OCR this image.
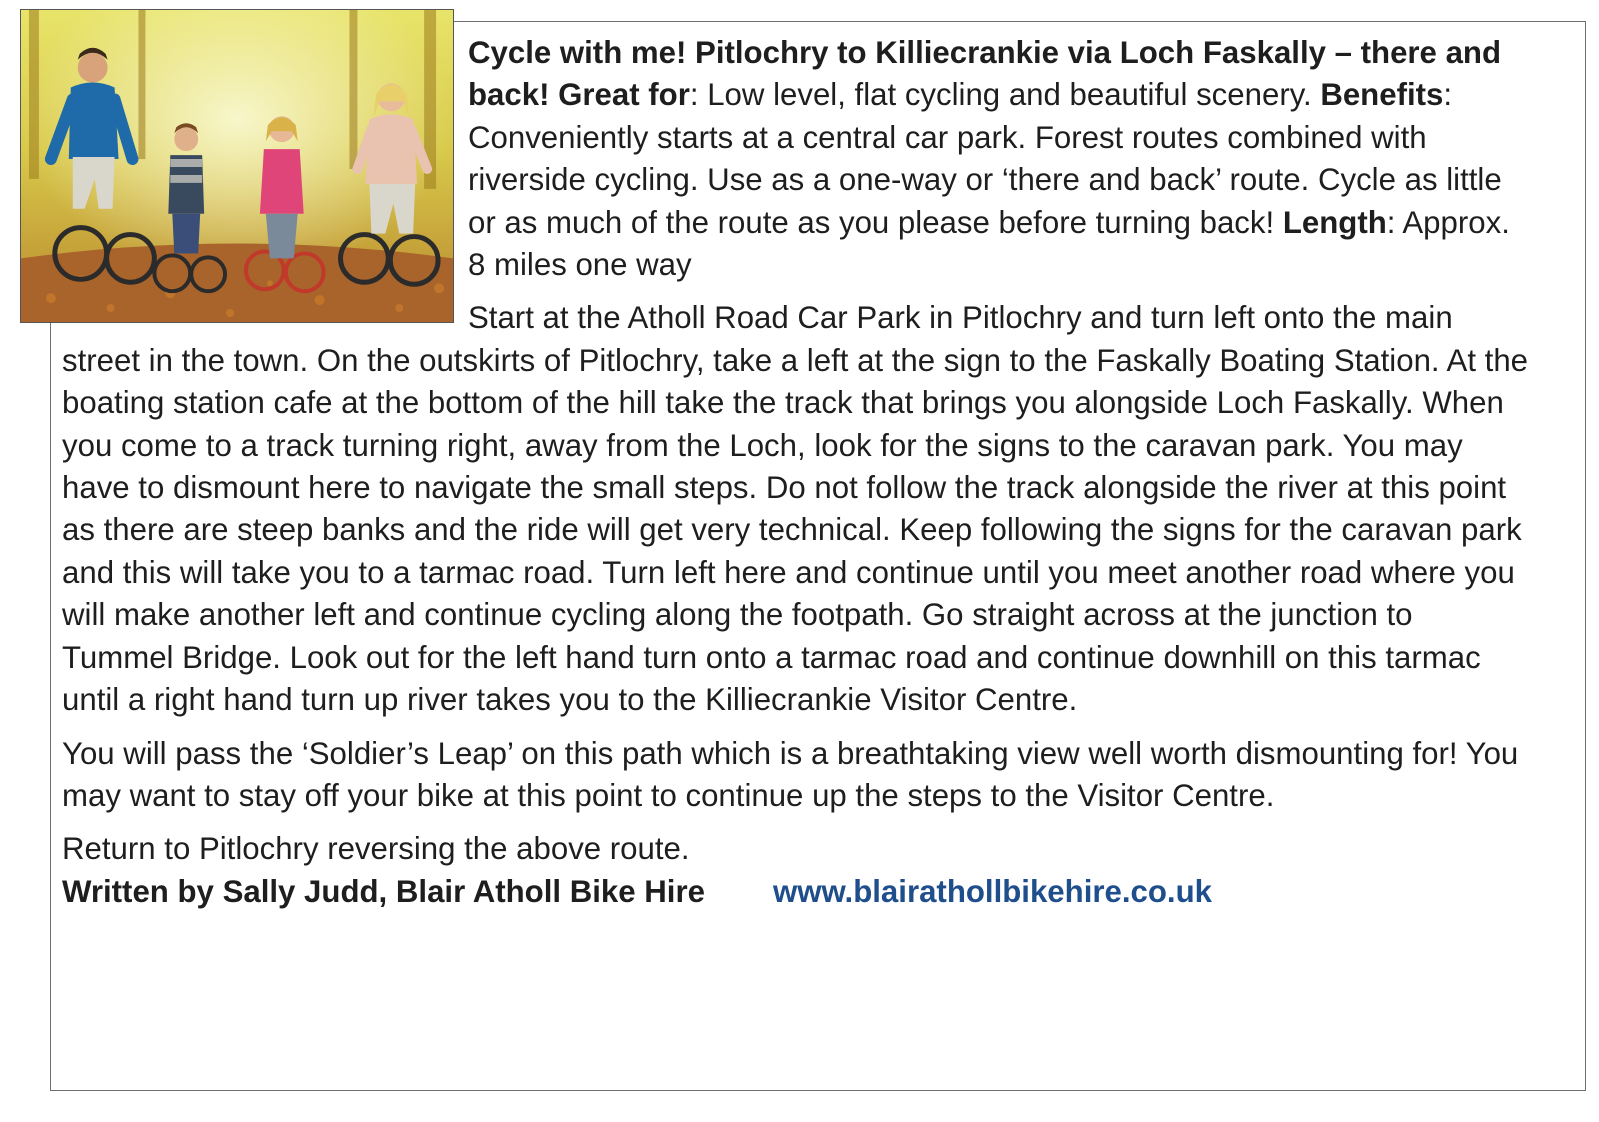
Cycle with me! Pitlochry to Killiecrankie via Loch Faskally – there and back! Great for: Low level, flat cycling and beautiful scenery. Benefits: Conveniently starts at a central car park. Forest routes combined with riverside cycling. Use as a one-way or ‘there and back’ route. Cycle as little or as much of the route as you please before turning back! Length: Approx. 8 miles one way

Start at the Atholl Road Car Park in Pitlochry and turn left onto the main street in the town. On the outskirts of Pitlochry, take a left at the sign to the Faskally Boating Station. At the boating station cafe at the bottom of the hill take the track that brings you alongside Loch Faskally. When you come to a track turning right, away from the Loch, look for the signs to the caravan park. You may have to dismount here to navigate the small steps. Do not follow the track alongside the river at this point as there are steep banks and the ride will get very technical. Keep following the signs for the caravan park and this will take you to a tarmac road. Turn left here and continue until you meet another road where you will make another left and continue cycling along the footpath. Go straight across at the junction to Tummel Bridge. Look out for the left hand turn onto a tarmac road and continue downhill on this tarmac until a right hand turn up river takes you to the Killiecrankie Visitor Centre.

You will pass the ‘Soldier’s Leap’ on this path which is a breathtaking view well worth dismounting for! You may want to stay off your bike at this point to continue up the steps to the Visitor Centre.

Return to Pitlochry reversing the above route.

Written by Sally Judd, Blair Atholl Bike Hire www.blairathollbikehire.co.uk
